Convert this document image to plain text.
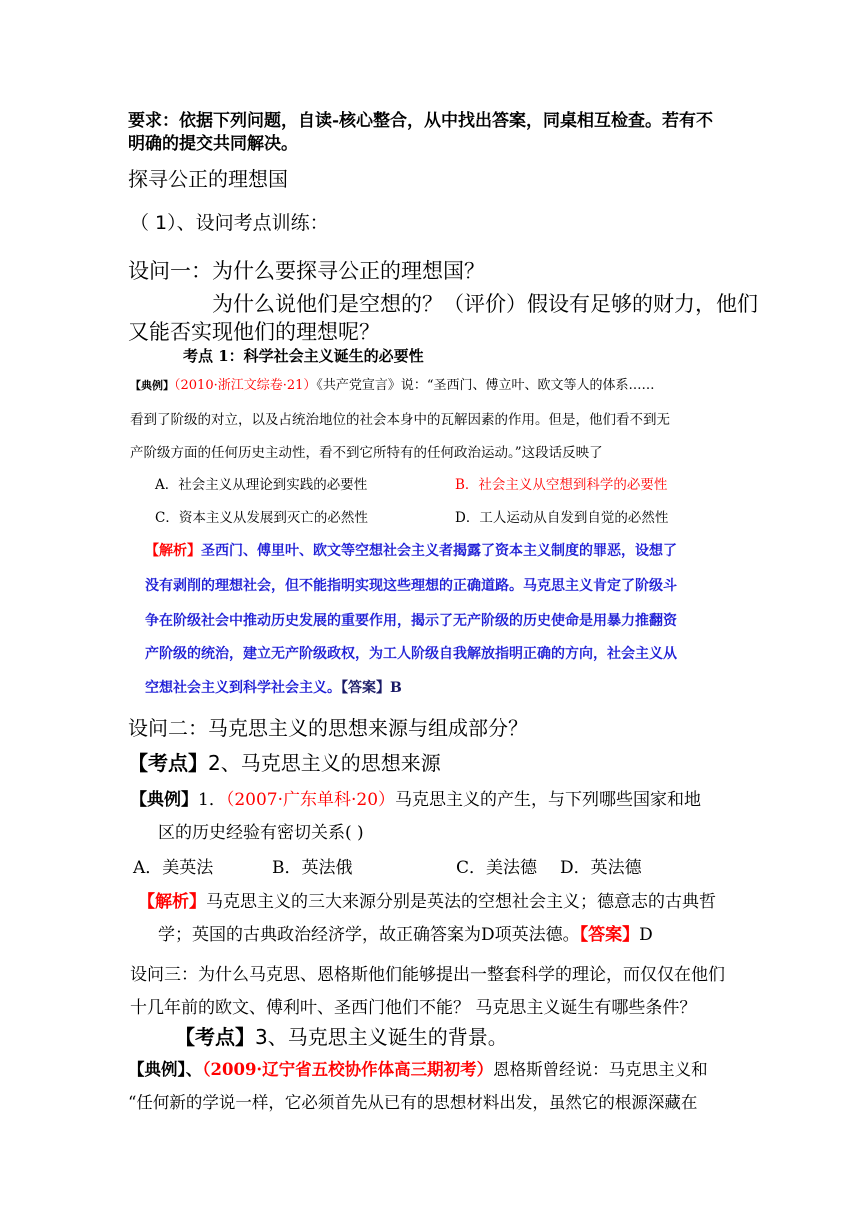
要求：依据下列问题，自读-核心整合，从中找出答案，同桌相互检查。若有不
明确的提交共同解决。
探寻公正的理想国
（ 1）、设问考点训练：
设问一：为什么要探寻公正的理想国？
为什么说他们是空想的？（评价）假设有足够的财力，他们
又能否实现他们的理想呢？
考点 1：科学社会主义诞生的必要性
【典例】（2010·浙江文综卷·21）《共产党宣言》说：“圣西门、傅立叶、欧文等人的体系……
看到了阶级的对立，以及占统治地位的社会本身中的瓦解因素的作用。但是，他们看不到无
产阶级方面的任何历史主动性，看不到它所特有的任何政治运动。”这段话反映了
A．社会主义从理论到实践的必要性	B．社会主义从空想到科学的必要性
C．资本主义从发展到灭亡的必然性	D．工人运动从自发到自觉的必然性
【解析】圣西门、傅里叶、欧文等空想社会主义者揭露了资本主义制度的罪恶，设想了
没有剥削的理想社会，但不能指明实现这些理想的正确道路。马克思主义肯定了阶级斗
争在阶级社会中推动历史发展的重要作用，揭示了无产阶级的历史使命是用暴力推翻资
产阶级的统治，建立无产阶级政权，为工人阶级自我解放指明正确的方向，社会主义从
空想社会主义到科学社会主义。【答案】B
设问二：马克思主义的思想来源与组成部分？
【考点】2、马克思主义的思想来源
【典例】1．（2007·广东单科·20）马克思主义的产生，与下列哪些国家和地
区的历史经验有密切关系( )
A．美英法	B．英法俄	C．美法德 D．英法德
【解析】马克思主义的三大来源分别是英法的空想社会主义；德意志的古典哲
学；英国的古典政治经济学，故正确答案为D项英法德。【答案】D
设问三：为什么马克思、恩格斯他们能够提出一整套科学的理论，而仅仅在他们
十几年前的欧文、傅利叶、圣西门他们不能？ 马克思主义诞生有哪些条件？
【考点】3、马克思主义诞生的背景。
【典例】、（2009·辽宁省五校协作体高三期初考）恩格斯曾经说：马克思主义和
“任何新的学说一样，它必须首先从已有的思想材料出发，虽然它的根源深藏在
